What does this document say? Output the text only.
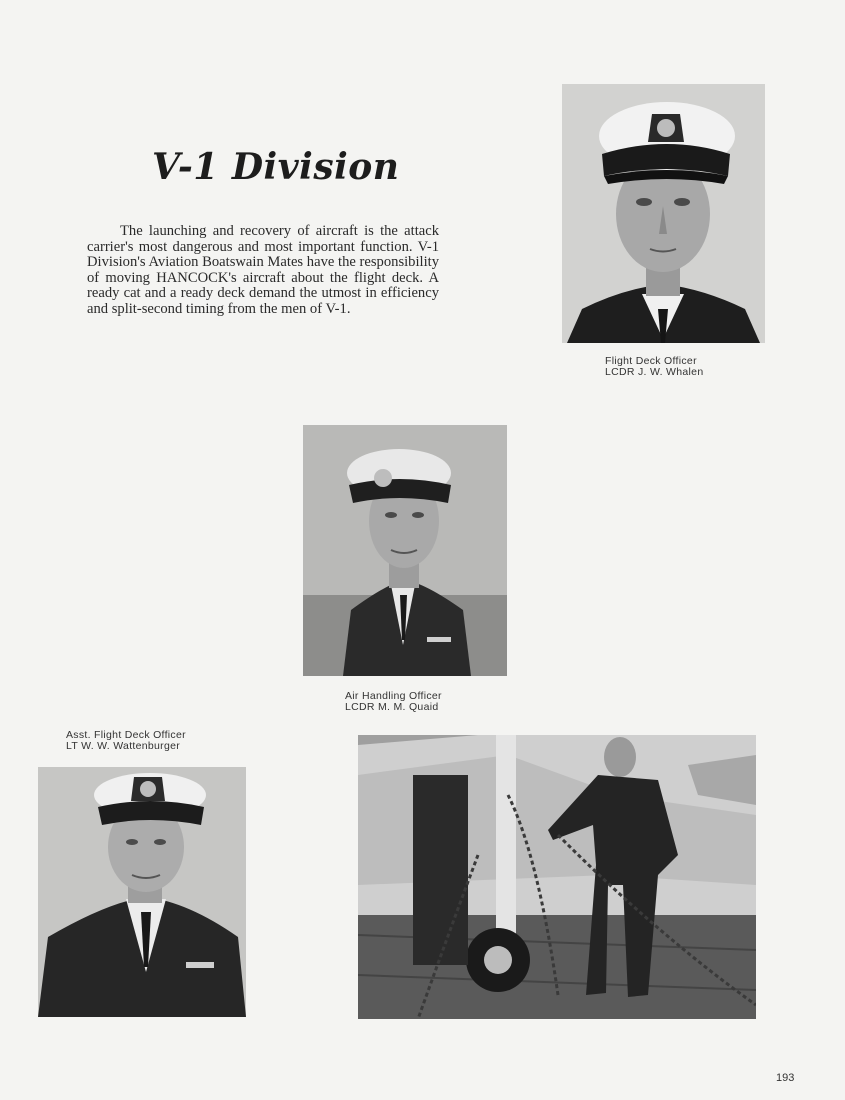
V-1 Division

The launching and recovery of aircraft is the attack carrier's most dangerous and most important function. V-1 Division's Aviation Boatswain Mates have the responsibility of moving HANCOCK's aircraft about the flight deck. A ready cat and a ready deck demand the utmost in efficiency and split-second timing from the men of V-1.

Flight Deck Officer
LCDR J. W. Whalen
Air Handling Officer
LCDR M. M. Quaid
Asst. Flight Deck Officer
LT W. W. Wattenburger
193
